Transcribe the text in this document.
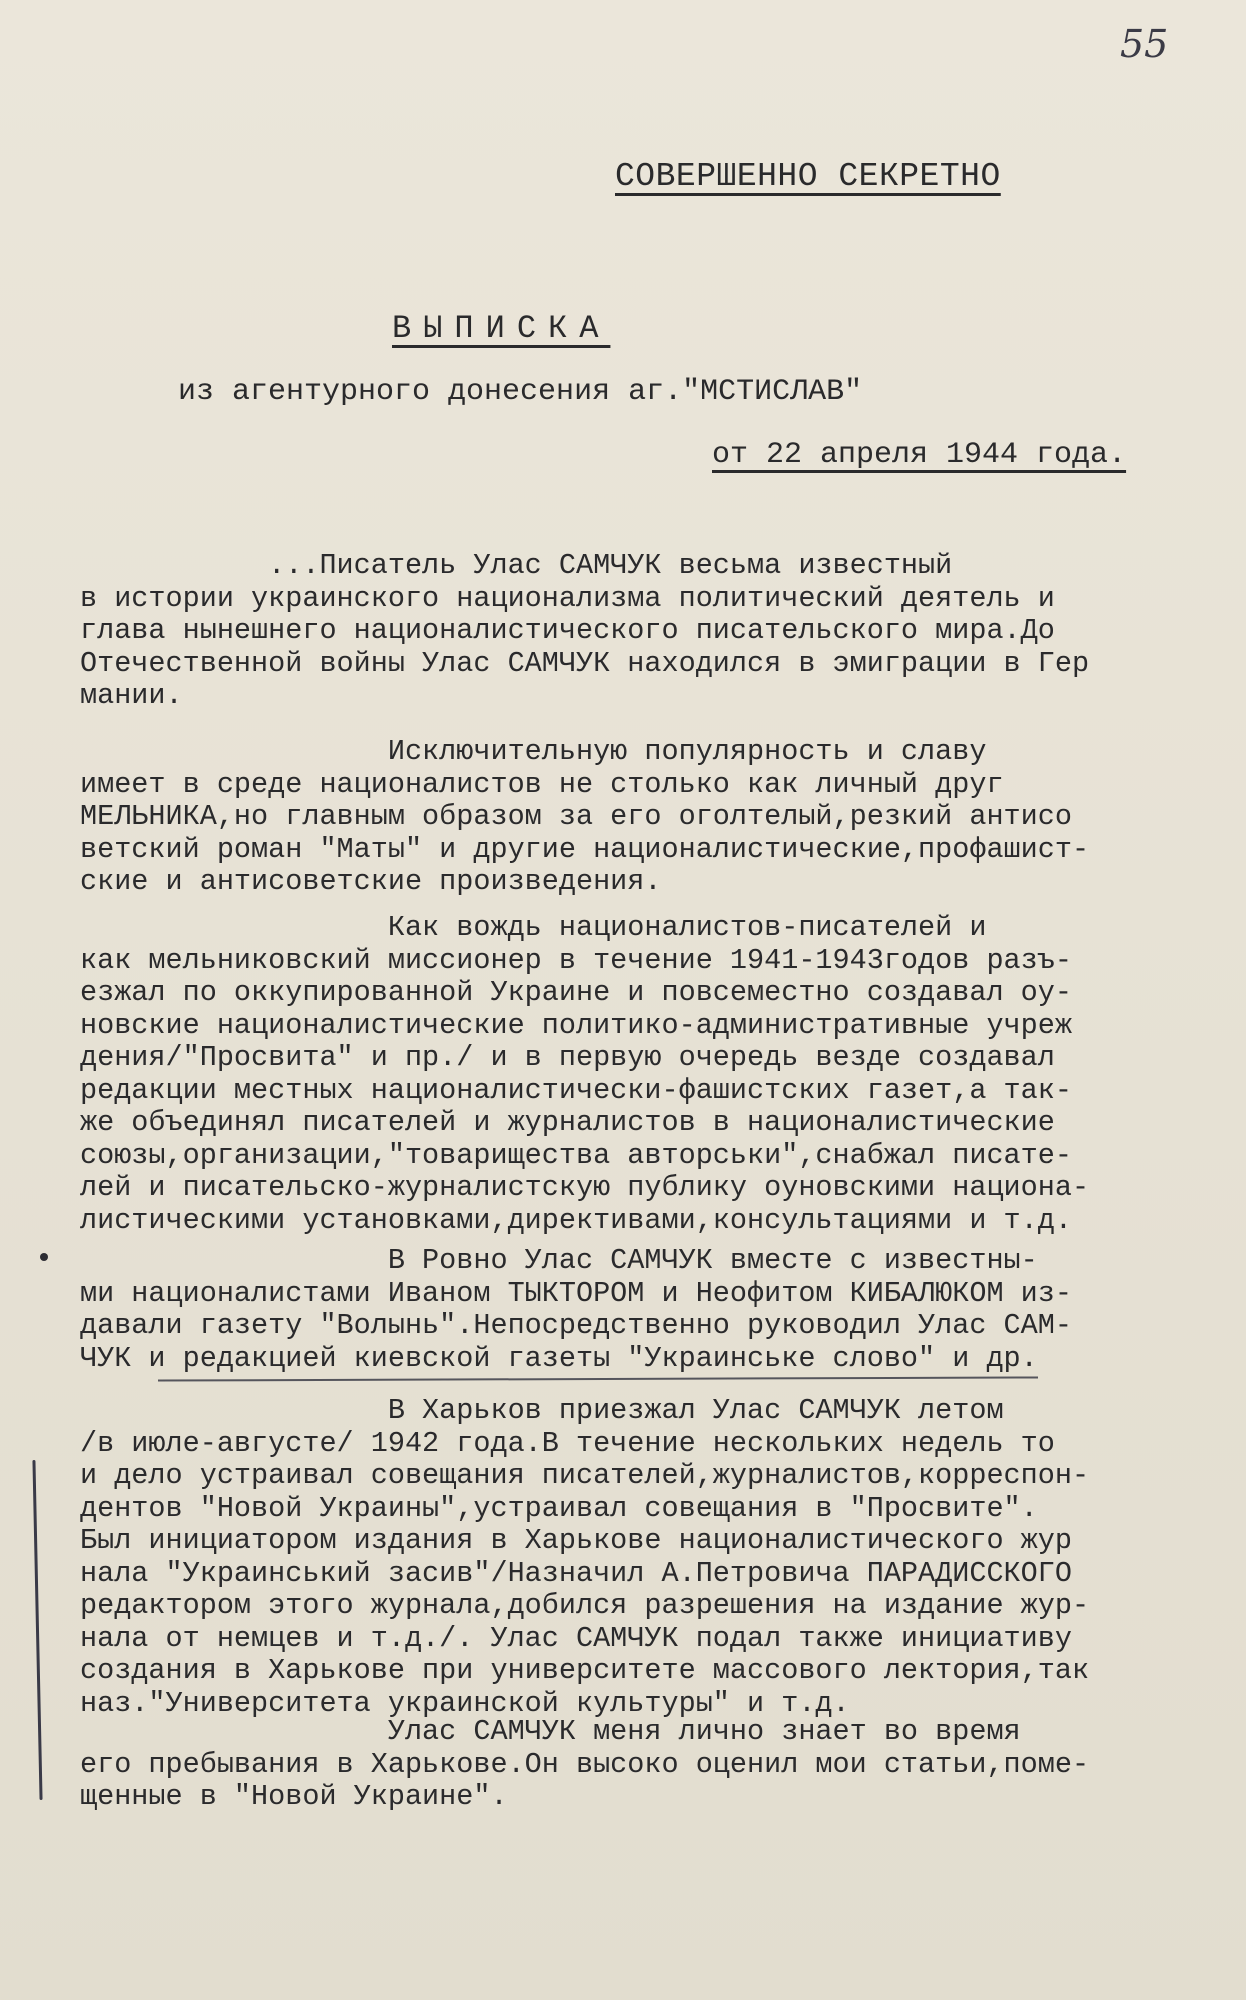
55
СОВЕРШЕННО СЕКРЕТНО
ВЫПИСКА
из агентурного донесения аг."МСТИСЛАВ"
от 22 апреля 1944 года.
...Писатель Улас САМЧУК весьма известный
в истории украинского национализма политический деятель и
глава нынешнего националистического писательского мира.До
Отечественной войны Улас САМЧУК находился в эмиграции в Гер
мании.
Исключительную популярность и славу
имеет в среде националистов не столько как личный друг
МЕЛЬНИКА,но главным образом за его оголтелый,резкий антисо
ветский роман "Маты" и другие националистические,профашист-
ские и антисоветские произведения.
Как вождь националистов-писателей и
как мельниковский миссионер в течение 1941-1943годов разъ-
езжал по оккупированной Украине и повсеместно создавал оу-
новские националистические политико-административные учреж
дения/"Просвита" и пр./ и в первую очередь везде создавал
редакции местных националистически-фашистских газет,а так-
же объединял писателей и журналистов в националистические
союзы,организации,"товарищества авторськи",снабжал писате-
лей и писательско-журналистскую публику оуновскими национа-
листическими установками,директивами,консультациями и т.д.
В Ровно Улас САМЧУК вместе с известны-
ми националистами Иваном ТЫКТОРОМ и Неофитом КИБАЛЮКОМ из-
давали газету "Волынь".Непосредственно руководил Улас САМ-
ЧУК и редакцией киевской газеты "Украинське слово" и др.
В Харьков приезжал Улас САМЧУК летом
/в июле-августе/ 1942 года.В течение нескольких недель то
и дело устраивал совещания писателей,журналистов,корреспон-
дентов "Новой Украины",устраивал совещания в "Просвите".
Был инициатором издания в Харькове националистического жур
нала "Украинський засив"/Назначил А.Петровича ПАРАДИССКОГО
редактором этого журнала,добился разрешения на издание жур-
нала от немцев и т.д./. Улас САМЧУК подал также инициативу
создания в Харькове при университете массового лектория,так
наз."Университета украинской культуры" и т.д.
Улас САМЧУК меня лично знает во время
его пребывания в Харькове.Он высоко оценил мои статьи,поме-
щенные в "Новой Украине".
